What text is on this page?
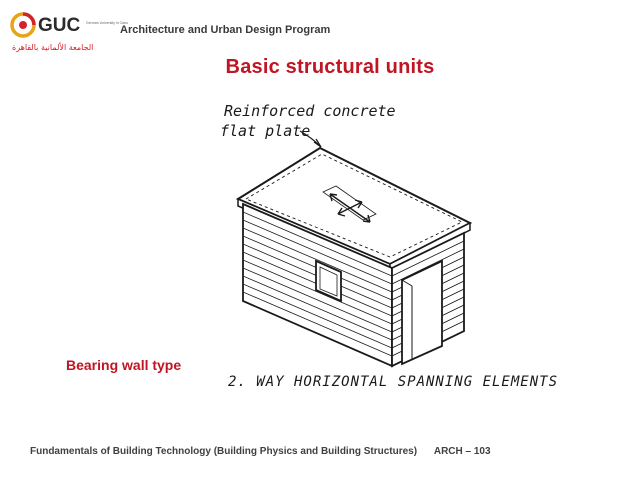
GUC German University in Cairo
الجامعة الألمانية بالقاهرة
Architecture and Urban Design Program
Basic structural units
Reinforced concrete
flat plate
2. WAY HORIZONTAL SPANNING ELEMENTS
Bearing wall type
Fundamentals of Building Technology (Building Physics and Building Structures) ARCH – 103
